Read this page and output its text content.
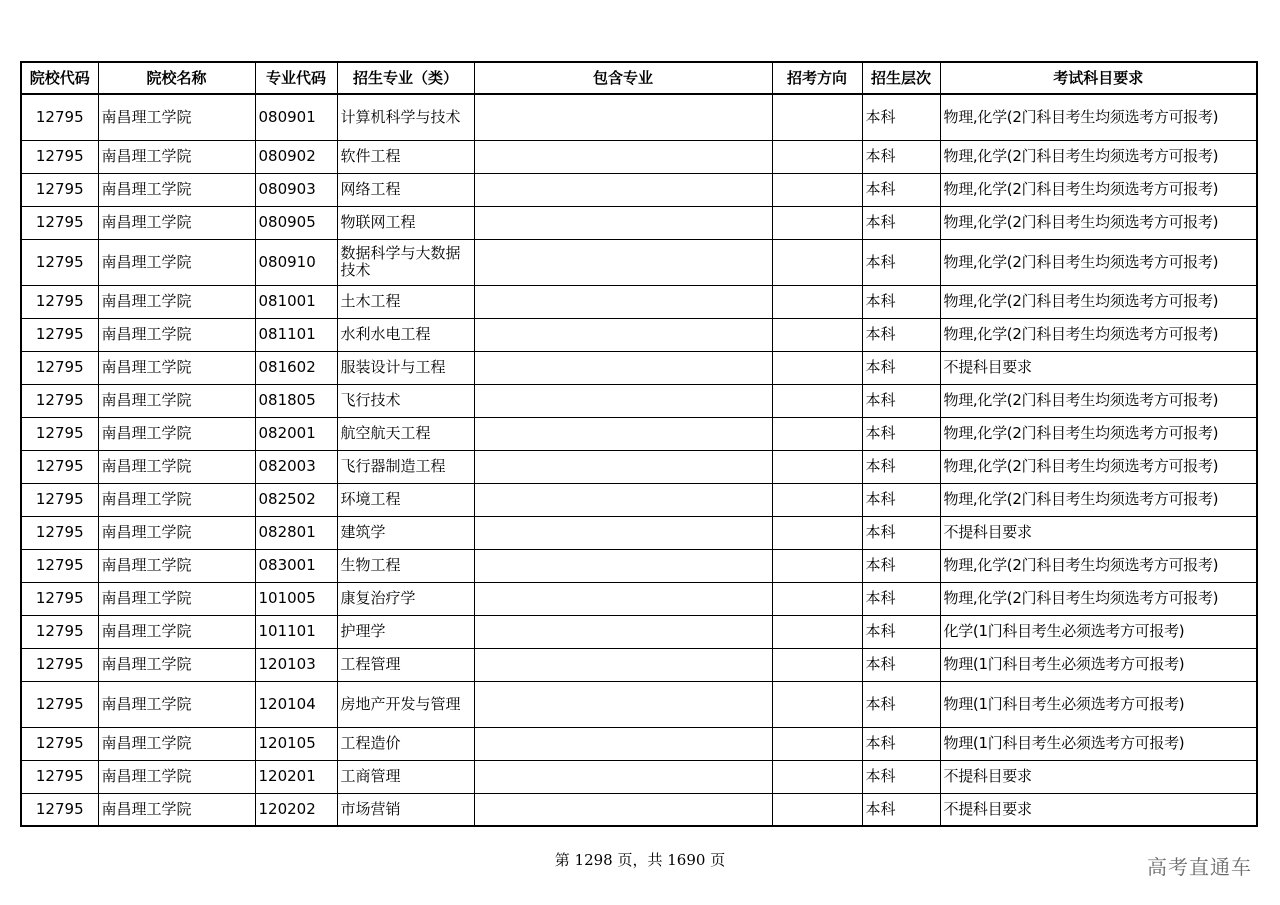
院校代码	院校名称	专业代码	招生专业（类）	包含专业	招考方向	招生层次	考试科目要求
12795	南昌理工学院	080901	计算机科学与技术			本科	物理,化学(2门科目考生均须选考方可报考)
12795	南昌理工学院	080902	软件工程			本科	物理,化学(2门科目考生均须选考方可报考)
12795	南昌理工学院	080903	网络工程			本科	物理,化学(2门科目考生均须选考方可报考)
12795	南昌理工学院	080905	物联网工程			本科	物理,化学(2门科目考生均须选考方可报考)
12795	南昌理工学院	080910	数据科学与大数据技术			本科	物理,化学(2门科目考生均须选考方可报考)
12795	南昌理工学院	081001	土木工程			本科	物理,化学(2门科目考生均须选考方可报考)
12795	南昌理工学院	081101	水利水电工程			本科	物理,化学(2门科目考生均须选考方可报考)
12795	南昌理工学院	081602	服装设计与工程			本科	不提科目要求
12795	南昌理工学院	081805	飞行技术			本科	物理,化学(2门科目考生均须选考方可报考)
12795	南昌理工学院	082001	航空航天工程			本科	物理,化学(2门科目考生均须选考方可报考)
12795	南昌理工学院	082003	飞行器制造工程			本科	物理,化学(2门科目考生均须选考方可报考)
12795	南昌理工学院	082502	环境工程			本科	物理,化学(2门科目考生均须选考方可报考)
12795	南昌理工学院	082801	建筑学			本科	不提科目要求
12795	南昌理工学院	083001	生物工程			本科	物理,化学(2门科目考生均须选考方可报考)
12795	南昌理工学院	101005	康复治疗学			本科	物理,化学(2门科目考生均须选考方可报考)
12795	南昌理工学院	101101	护理学			本科	化学(1门科目考生必须选考方可报考)
12795	南昌理工学院	120103	工程管理			本科	物理(1门科目考生必须选考方可报考)
12795	南昌理工学院	120104	房地产开发与管理			本科	物理(1门科目考生必须选考方可报考)
12795	南昌理工学院	120105	工程造价			本科	物理(1门科目考生必须选考方可报考)
12795	南昌理工学院	120201	工商管理			本科	不提科目要求
12795	南昌理工学院	120202	市场营销			本科	不提科目要求
第 1298 页，共 1690 页	高考直通车
